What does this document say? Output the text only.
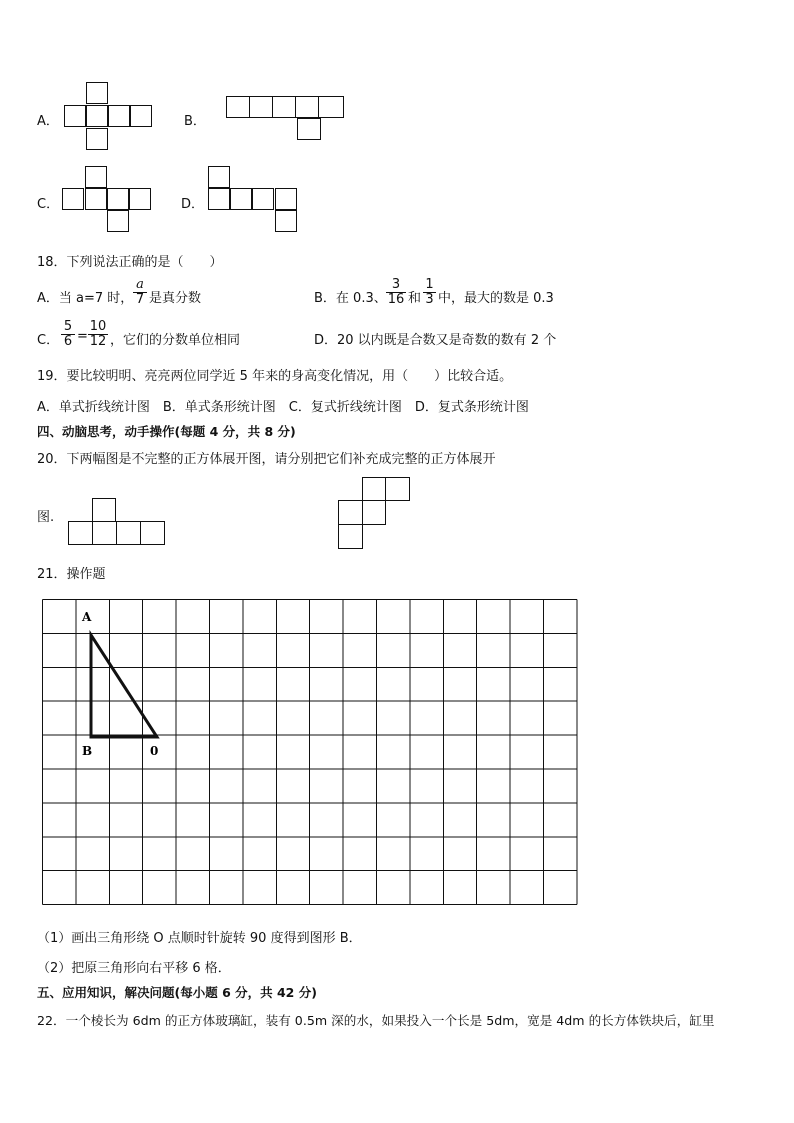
A．	B．
C．	D．
18．下列说法正确的是（　　）
A．当 a=7 时， $\frac{a}{7}$ 是真分数	B．在 0.3、 $\frac{3}{16}$ 和 $\frac{1}{3}$ 中，最大的数是 0.3
C． $\frac{5}{6} = \frac{10}{12}$ ，它们的分数单位相同	D．20 以内既是合数又是奇数的数有 2 个
19．要比较明明、亮亮两位同学近 5 年来的身高变化情况，用（　　）比较合适。
A．单式折线统计图　B．单式条形统计图　C．复式折线统计图　D．复式条形统计图
四、动脑思考，动手操作(每题 4 分，共 8 分)
20．下两幅图是不完整的正方体展开图，请分别把它们补充成完整的正方体展开
图.
21．操作题
A
B	0
（1）画出三角形绕 O 点顺时针旋转 90 度得到图形 B．
（2）把原三角形向右平移 6 格．
五、应用知识，解决问题(每小题 6 分，共 42 分)
22．一个棱长为 6dm 的正方体玻璃缸，装有 0.5m 深的水，如果投入一个长是 5dm，宽是 4dm 的长方体铁块后，缸里
